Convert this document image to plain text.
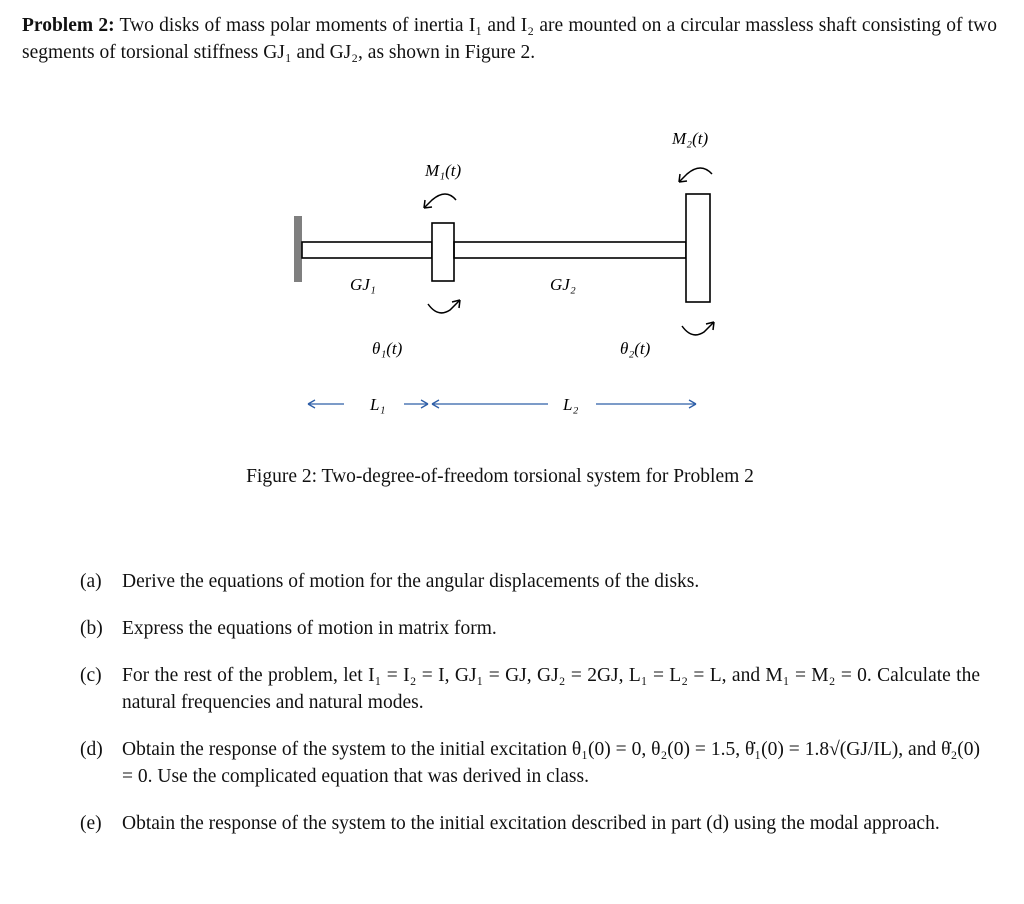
Problem 2: Two disks of mass polar moments of inertia I₁ and I₂ are mounted on a circular massless shaft consisting of two segments of torsional stiffness GJ₁ and GJ₂, as shown in Figure 2.
M₁(t)
M₂(t)
GJ₁	GJ₂
θ₁(t)	θ₂(t)
L₁	L₂
Figure 2: Two-degree-of-freedom torsional system for Problem 2
(a)	Derive the equations of motion for the angular displacements of the disks.
(b) Express the equations of motion in matrix form.
(c)	For the rest of the problem, let I₁ = I₂ = I, GJ₁ = GJ, GJ₂ = 2GJ, L₁ = L₂ = L, and M₁ = M₂ = 0. Calculate the natural frequencies and natural modes.
(d) Obtain the response of the system to the initial excitation θ₁(0) = 0, θ₂(0) = 1.5, θ̇₁(0) = 1.8√(GJ/IL), and θ̇₂(0) = 0. Use the complicated equation that was derived in class.
(e)	Obtain the response of the system to the initial excitation described in part (d) using the modal approach.
